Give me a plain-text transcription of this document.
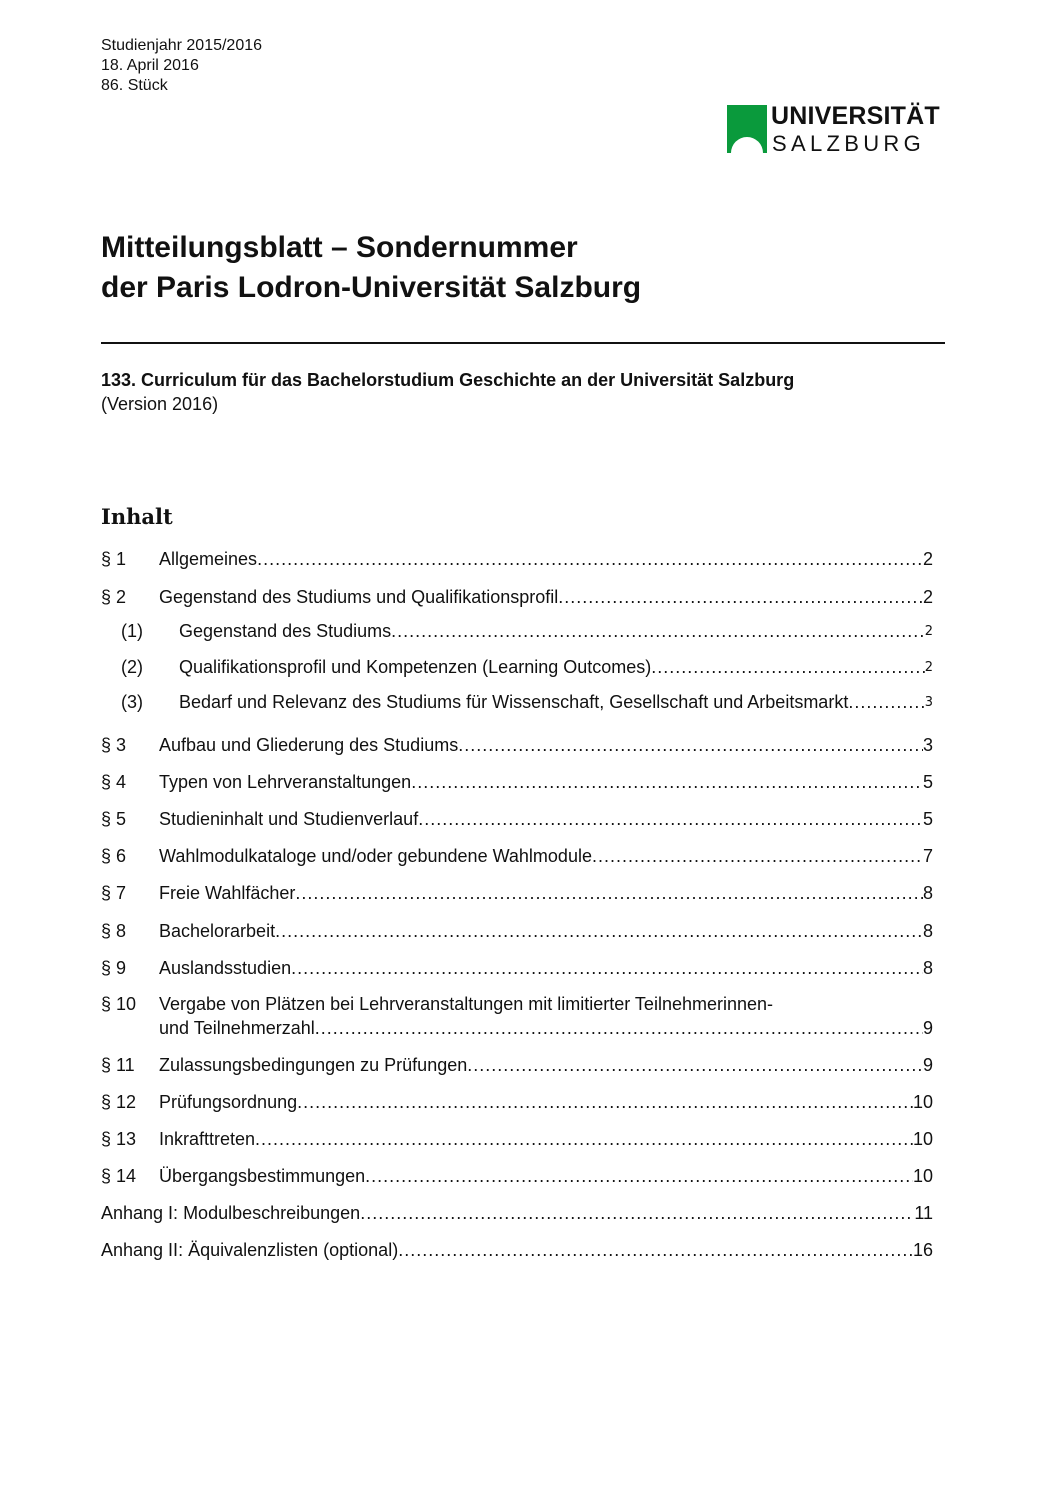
Studienjahr 2015/2016
18. April 2016
86. Stück
UNIVERSITÄT
SALZBURG
Mitteilungsblatt – Sondernummer
der Paris Lodron-Universität Salzburg
133. Curriculum für das Bachelorstudium Geschichte an der Universität Salzburg
(Version 2016)
Inhalt
§ 1 Allgemeines . . .	2
§ 2 Gegenstand des Studiums und Qualifikationsprofil . . .	2
(1) Gegenstand des Studiums . . .	2
(2) Qualifikationsprofil und Kompetenzen (Learning Outcomes) . . .	2
(3) Bedarf und Relevanz des Studiums für Wissenschaft, Gesellschaft und Arbeitsmarkt . . .	3
§ 3 Aufbau und Gliederung des Studiums . . .	3
§ 4 Typen von Lehrveranstaltungen . . .	5
§ 5 Studieninhalt und Studienverlauf . . .	5
§ 6 Wahlmodulkataloge und/oder gebundene Wahlmodule . . .	7
§ 7 Freie Wahlfächer . . .	8
§ 8 Bachelorarbeit . . .	8
§ 9 Auslandsstudien . . .	8
§ 10 Vergabe von Plätzen bei Lehrveranstaltungen mit limitierter Teilnehmerinnen-
und Teilnehmerzahl . . .	9
§ 11 Zulassungsbedingungen zu Prüfungen . . .	9
§ 12 Prüfungsordnung . . .	10
§ 13 Inkrafttreten . . .	10
§ 14 Übergangsbestimmungen . . .	10
Anhang I: Modulbeschreibungen . . .	11
Anhang II: Äquivalenzlisten (optional) . . .	16
